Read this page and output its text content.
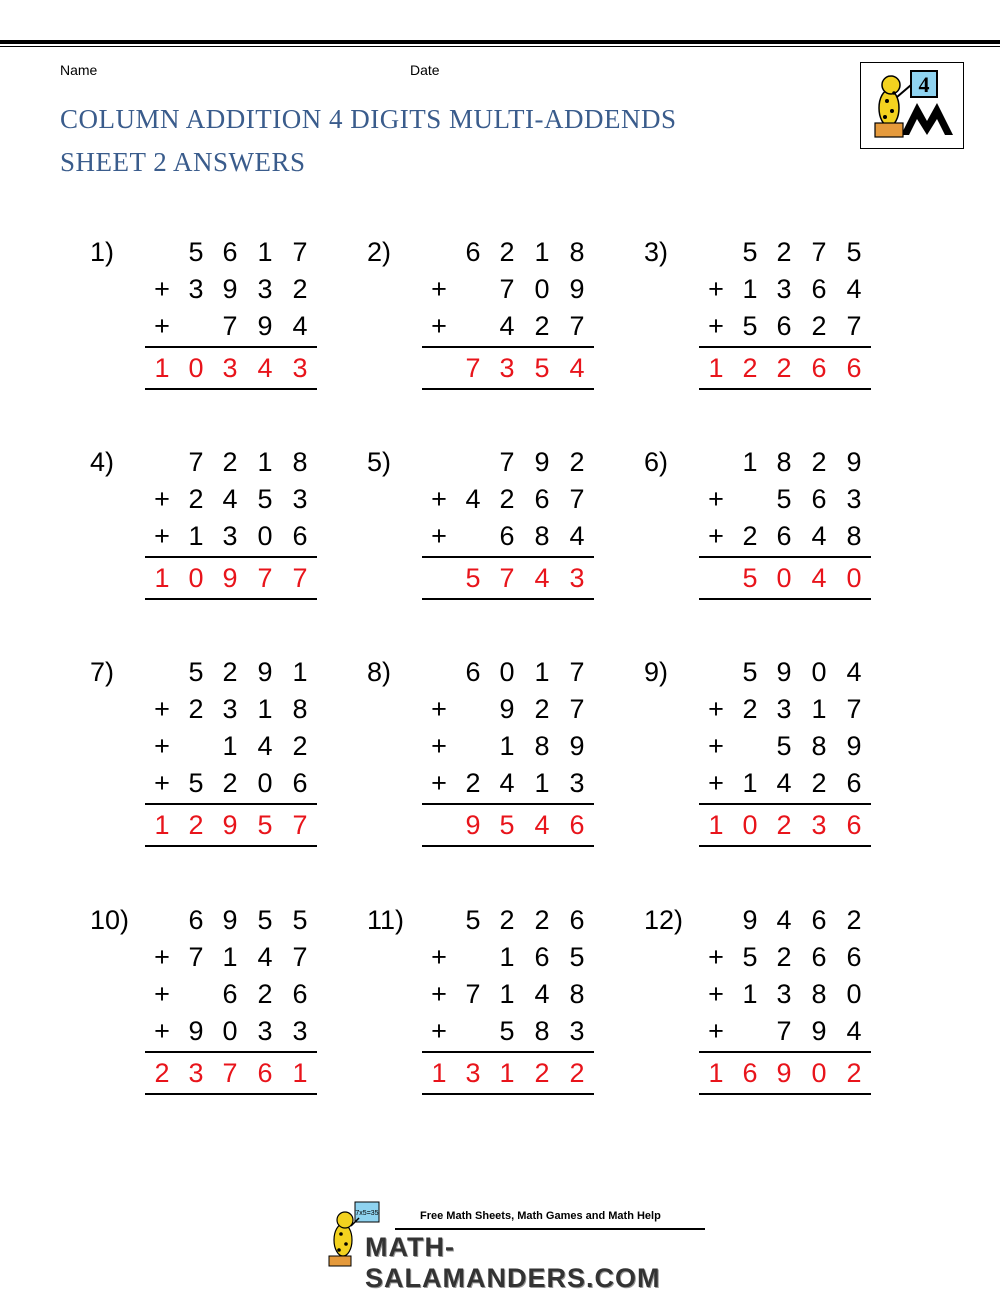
Name	Date
COLUMN ADDITION 4 DIGITS MULTI-ADDENDS
SHEET 2 ANSWERS
4
1)	5 6 1 7
+ 3 9 3 2
+	7 9 4
1 0 3 4 3
2)	6 2 1 8
+	7 0 9
+	4 2 7
7 3 5 4
3)	5 2 7 5
+ 1 3 6 4
+ 5 6 2 7
1 2 2 6 6
4)	7 2 1 8
+ 2 4 5 3
+ 1 3 0 6
1 0 9 7 7
5)	7 9 2
+ 4 2 6 7
+	6 8 4
5 7 4 3
6)	1 8 2 9
+	5 6 3
+ 2 6 4 8
5 0 4 0
7)	5 2 9 1
+ 2 3 1 8
+	1 4 2
+ 5 2 0 6
1 2 9 5 7
8)	6 0 1 7
+	9 2 7
+	1 8 9
+ 2 4 1 3
9 5 4 6
9)	5 9 0 4
+ 2 3 1 7
+	5 8 9
+ 1 4 2 6
1 0 2 3 6
10)	6 9 5 5
+ 7 1 4 7
+	6 2 6
+ 9 0 3 3
2 3 7 6 1
11)	5 2 2 6
+	1 6 5
+ 7 1 4 8
+	5 8 3
1 3 1 2 2
12)	9 4 6 2
+ 5 2 6 6
+ 1 3 8 0
+	7 9 4
1 6 9 0 2
7x5=35	Free Math Sheets, Math Games and Math Help
MATH-SALAMANDERS.COM
